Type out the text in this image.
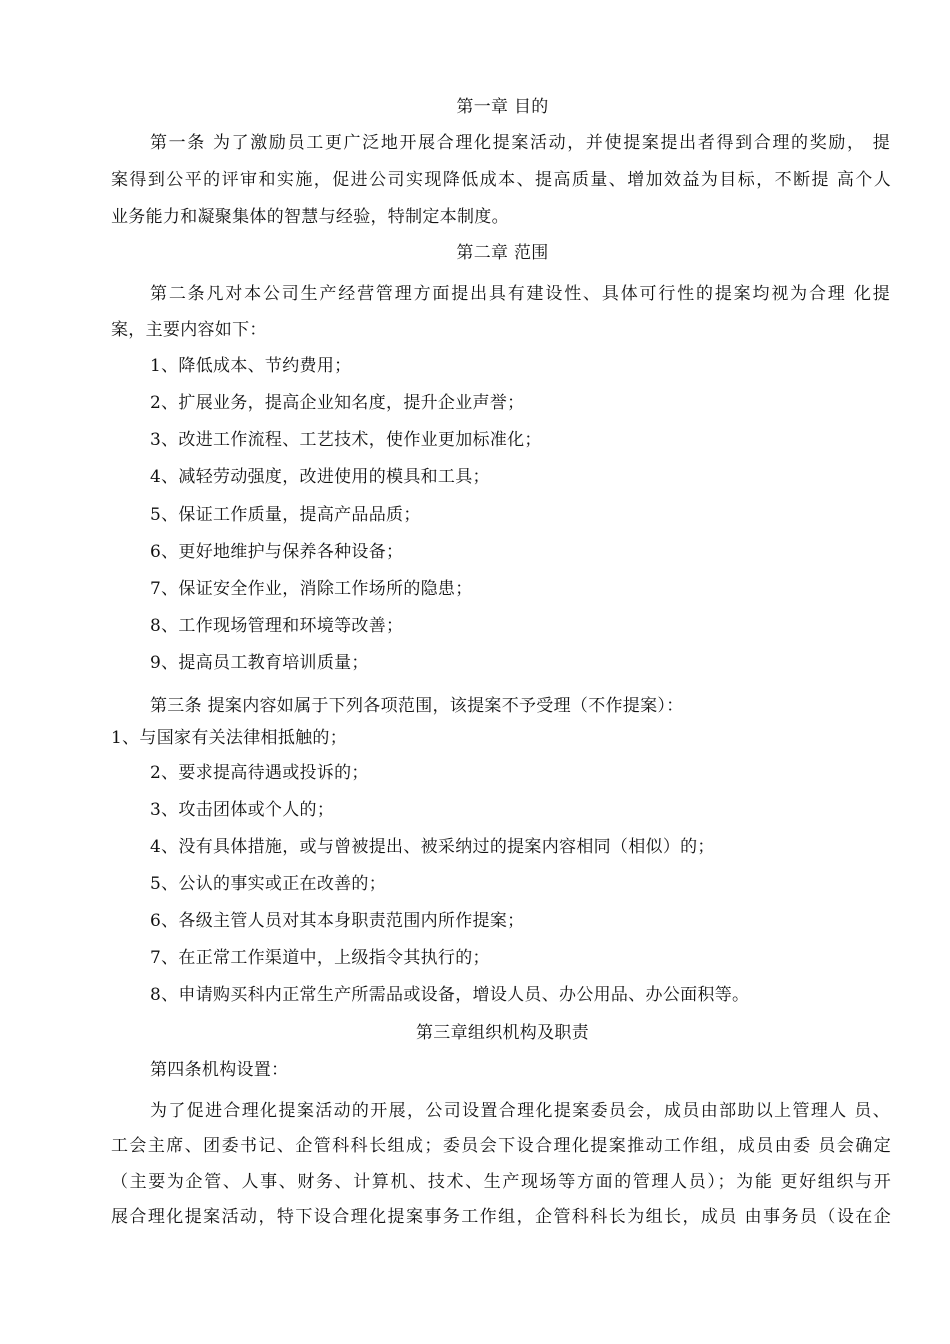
第一章 目的
第一条 为了激励员工更广泛地开展合理化提案活动，并使提案提出者得到合理的奖励， 提
案得到公平的评审和实施，促进公司实现降低成本、提高质量、增加效益为目标，不断提 高个人
业务能力和凝聚集体的智慧与经验，特制定本制度。
第二章 范围
第二条凡对本公司生产经营管理方面提出具有建设性、具体可行性的提案均视为合理 化提
案，主要内容如下：
1、降低成本、节约费用；
2、扩展业务，提高企业知名度，提升企业声誉；
3、改进工作流程、工艺技术，使作业更加标准化；
4、减轻劳动强度，改进使用的模具和工具；
5、保证工作质量，提高产品品质；
6、更好地维护与保养各种设备；
7、保证安全作业，消除工作场所的隐患；
8、工作现场管理和环境等改善；
9、提高员工教育培训质量；
第三条 提案内容如属于下列各项范围，该提案不予受理（不作提案）：
1、与国家有关法律相抵触的；
2、要求提高待遇或投诉的；
3、攻击团体或个人的；
4、没有具体措施，或与曾被提出、被采纳过的提案内容相同（相似）的；
5、公认的事实或正在改善的；
6、各级主管人员对其本身职责范围内所作提案；
7、在正常工作渠道中，上级指令其执行的；
8、申请购买科内正常生产所需品或设备，增设人员、办公用品、办公面积等。
第三章组织机构及职责
第四条机构设置：
为了促进合理化提案活动的开展，公司设置合理化提案委员会，成员由部助以上管理人 员、
工会主席、团委书记、企管科科长组成；委员会下设合理化提案推动工作组，成员由委 员会确定
（主要为企管、人事、财务、计算机、技术、生产现场等方面的管理人员）；为能 更好组织与开
展合理化提案活动，特下设合理化提案事务工作组，企管科科长为组长，成员 由事务员（设在企
